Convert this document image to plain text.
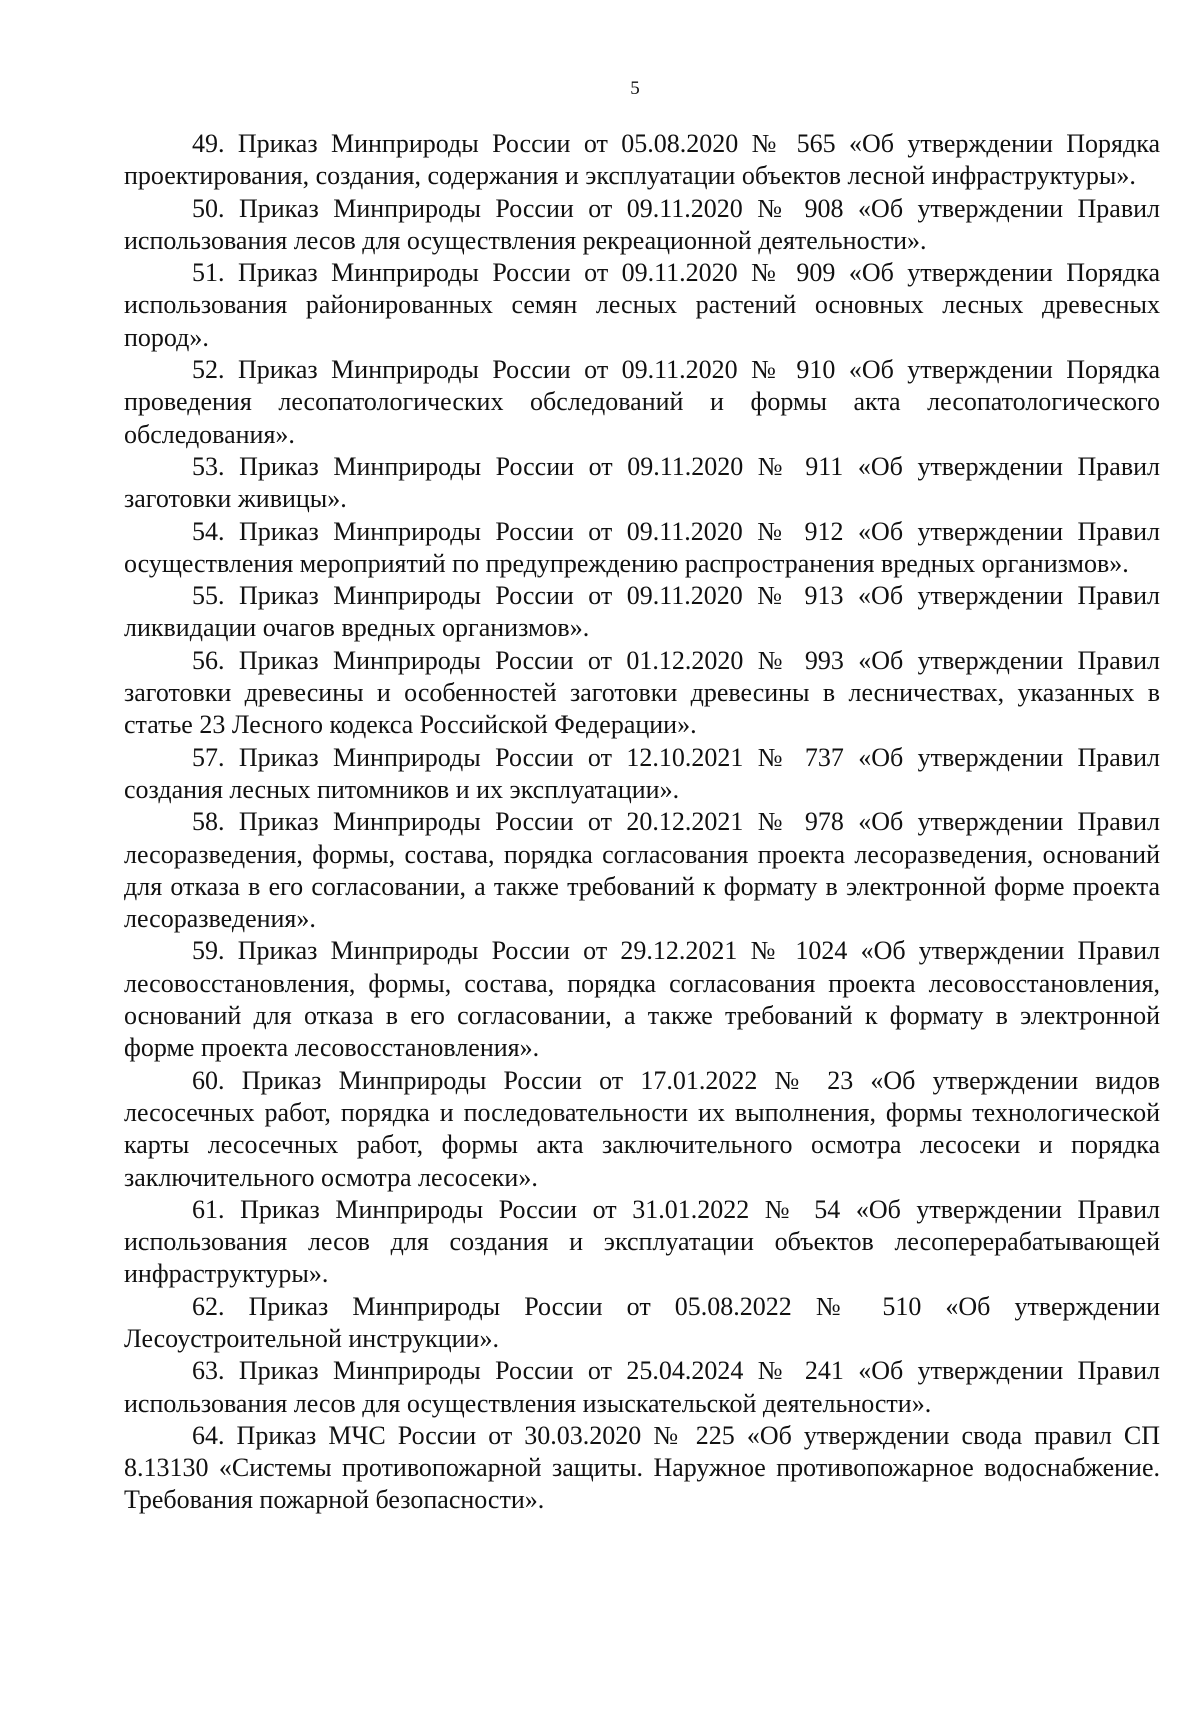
5

49. Приказ Минприроды России от 05.08.2020 № 565 «Об утверждении Порядка проектирования, создания, содержания и эксплуатации объектов лесной инфраструктуры».

50. Приказ Минприроды России от 09.11.2020 № 908 «Об утверждении Правил использования лесов для осуществления рекреационной деятельности».

51. Приказ Минприроды России от 09.11.2020 № 909 «Об утверждении Порядка использования районированных семян лесных растений основных лесных древесных пород».

52. Приказ Минприроды России от 09.11.2020 № 910 «Об утверждении Порядка проведения лесопатологических обследований и формы акта лесопатологического обследования».

53. Приказ Минприроды России от 09.11.2020 № 911 «Об утверждении Правил заготовки живицы».

54. Приказ Минприроды России от 09.11.2020 № 912 «Об утверждении Правил осуществления мероприятий по предупреждению распространения вредных организмов».

55. Приказ Минприроды России от 09.11.2020 № 913 «Об утверждении Правил ликвидации очагов вредных организмов».

56. Приказ Минприроды России от 01.12.2020 № 993 «Об утверждении Правил заготовки древесины и особенностей заготовки древесины в лесничествах, указанных в статье 23 Лесного кодекса Российской Федерации».

57. Приказ Минприроды России от 12.10.2021 № 737 «Об утверждении Правил создания лесных питомников и их эксплуатации».

58. Приказ Минприроды России от 20.12.2021 № 978 «Об утверждении Правил лесоразведения, формы, состава, порядка согласования проекта лесоразведения, оснований для отказа в его согласовании, а также требований к формату в электронной форме проекта лесоразведения».

59. Приказ Минприроды России от 29.12.2021 № 1024 «Об утверждении Правил лесовосстановления, формы, состава, порядка согласования проекта лесовосстановления, оснований для отказа в его согласовании, а также требований к формату в электронной форме проекта лесовосстановления».

60. Приказ Минприроды России от 17.01.2022 № 23 «Об утверждении видов лесосечных работ, порядка и последовательности их выполнения, формы технологической карты лесосечных работ, формы акта заключительного осмотра лесосеки и порядка заключительного осмотра лесосеки».

61. Приказ Минприроды России от 31.01.2022 № 54 «Об утверждении Правил использования лесов для создания и эксплуатации объектов лесоперерабатывающей инфраструктуры».

62. Приказ Минприроды России от 05.08.2022 № 510 «Об утверждении Лесоустроительной инструкции».

63. Приказ Минприроды России от 25.04.2024 № 241 «Об утверждении Правил использования лесов для осуществления изыскательской деятельности».

64. Приказ МЧС России от 30.03.2020 № 225 «Об утверждении свода правил СП 8.13130 «Системы противопожарной защиты. Наружное противопожарное водоснабжение. Требования пожарной безопасности».
